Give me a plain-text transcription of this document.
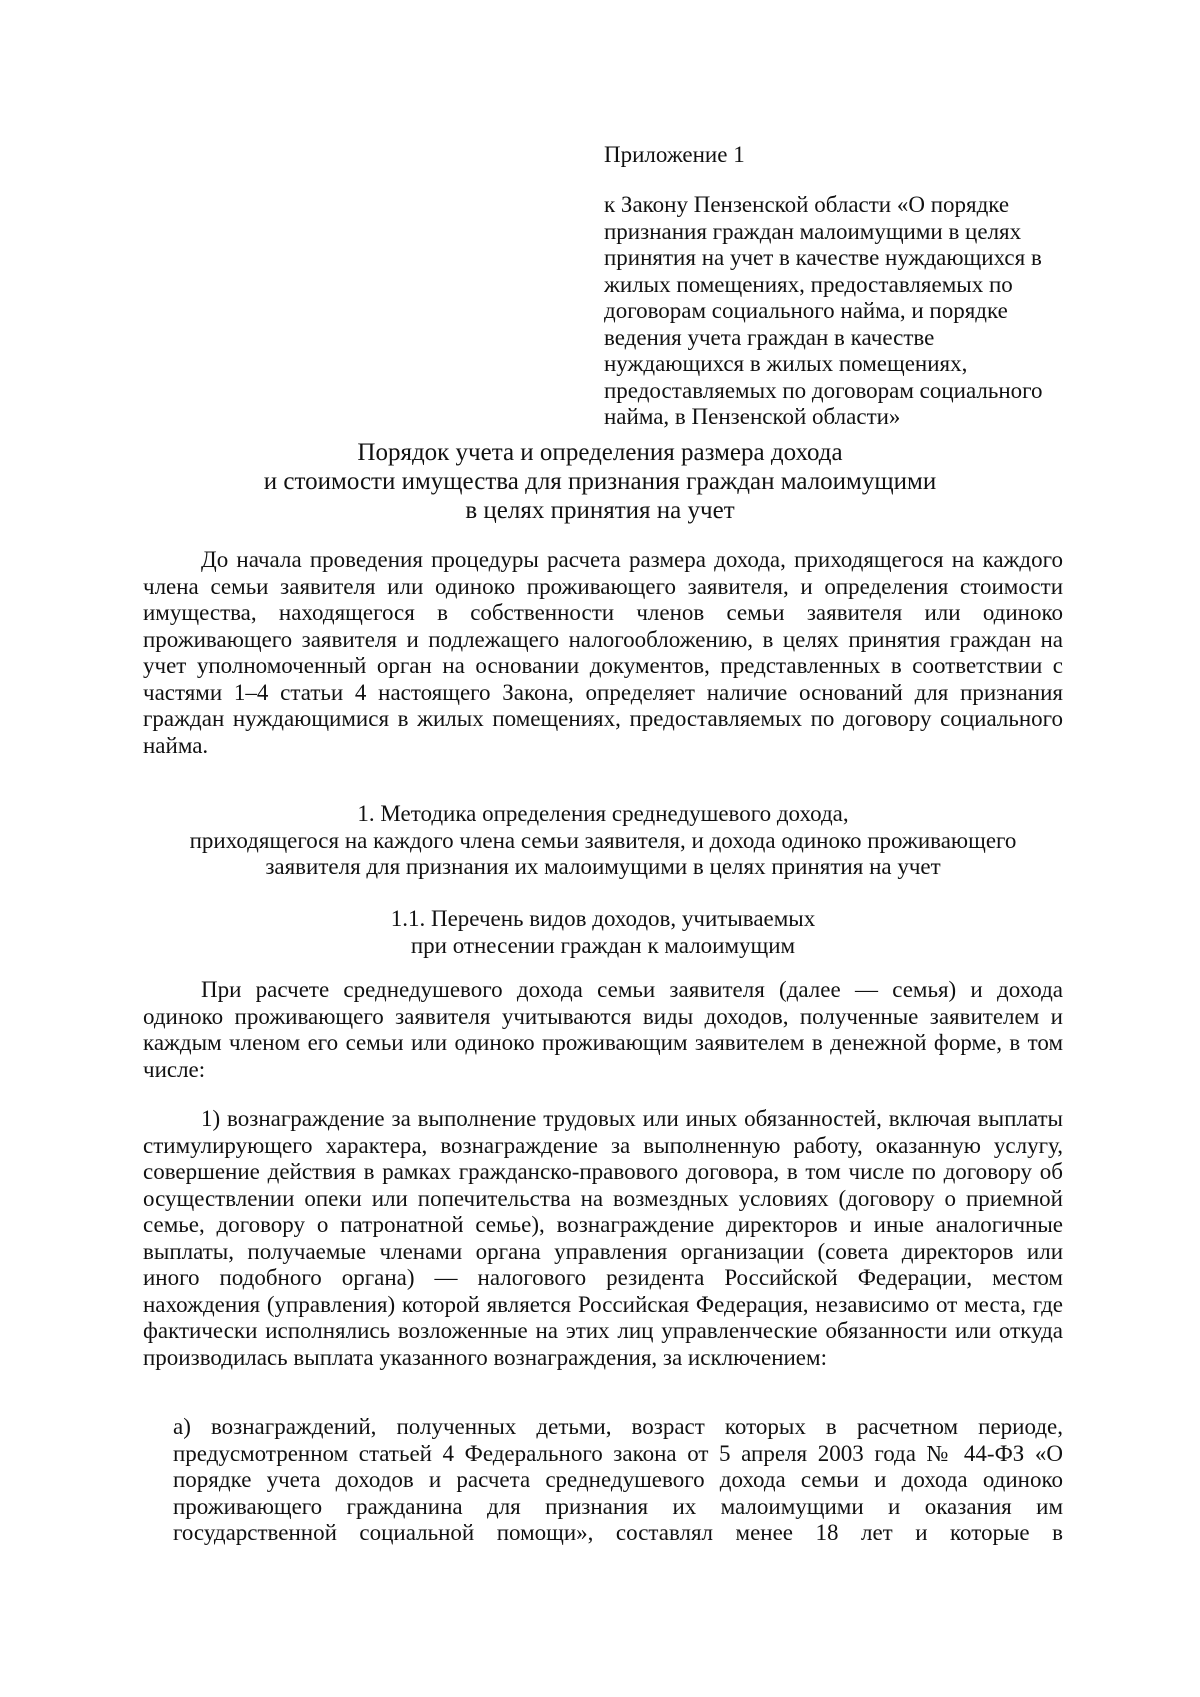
Приложение 1

к Закону Пензенской области «О порядке признания граждан малоимущими в целях принятия на учет в качестве нуждающихся в жилых помещениях, предоставляемых по договорам социального найма, и порядке ведения учета граждан в качестве нуждающихся в жилых помещениях, предоставляемых по договорам социального найма, в Пензенской области»

Порядок учета и определения размера дохода
и стоимости имущества для признания граждан малоимущими
в целях принятия на учет

До начала проведения процедуры расчета размера дохода, приходящегося на каждого члена семьи заявителя или одиноко проживающего заявителя, и определения стоимости имущества, находящегося в собственности членов семьи заявителя или одиноко проживающего заявителя и подлежащего налогообложению, в целях принятия граждан на учет уполномоченный орган на основании документов, представленных в соответствии с частями 1–4 статьи 4 настоящего Закона, определяет наличие оснований для признания граждан нуждающимися в жилых помещениях, предоставляемых по договору социального найма.

1. Методика определения среднедушевого дохода,
приходящегося на каждого члена семьи заявителя, и дохода одиноко проживающего
заявителя для признания их малоимущими в целях принятия на учет
1.1. Перечень видов доходов, учитываемых
при отнесении граждан к малоимущим

При расчете среднедушевого дохода семьи заявителя (далее — семья) и дохода одиноко проживающего заявителя учитываются виды доходов, полученные заявителем и каждым членом его семьи или одиноко проживающим заявителем в денежной форме, в том числе:

1) вознаграждение за выполнение трудовых или иных обязанностей, включая выплаты стимулирующего характера, вознаграждение за выполненную работу, оказанную услугу, совершение действия в рамках гражданско-правового договора, в том числе по договору об осуществлении опеки или попечительства на возмездных условиях (договору о приемной семье, договору о патронатной семье), вознаграждение директоров и иные аналогичные выплаты, получаемые членами органа управления организации (совета директоров или иного подобного органа) — налогового резидента Российской Федерации, местом нахождения (управления) которой является Российская Федерация, независимо от места, где фактически исполнялись возложенные на этих лиц управленческие обязанности или откуда производилась выплата указанного вознаграждения, за исключением:

а) вознаграждений, полученных детьми, возраст которых в расчетном периоде, предусмотренном статьей 4 Федерального закона от 5 апреля 2003 года № 44-ФЗ «О порядке учета доходов и расчета среднедушевого дохода семьи и дохода одиноко проживающего гражданина для признания их малоимущими и оказания им государственной социальной помощи», составлял менее 18 лет и которые в
